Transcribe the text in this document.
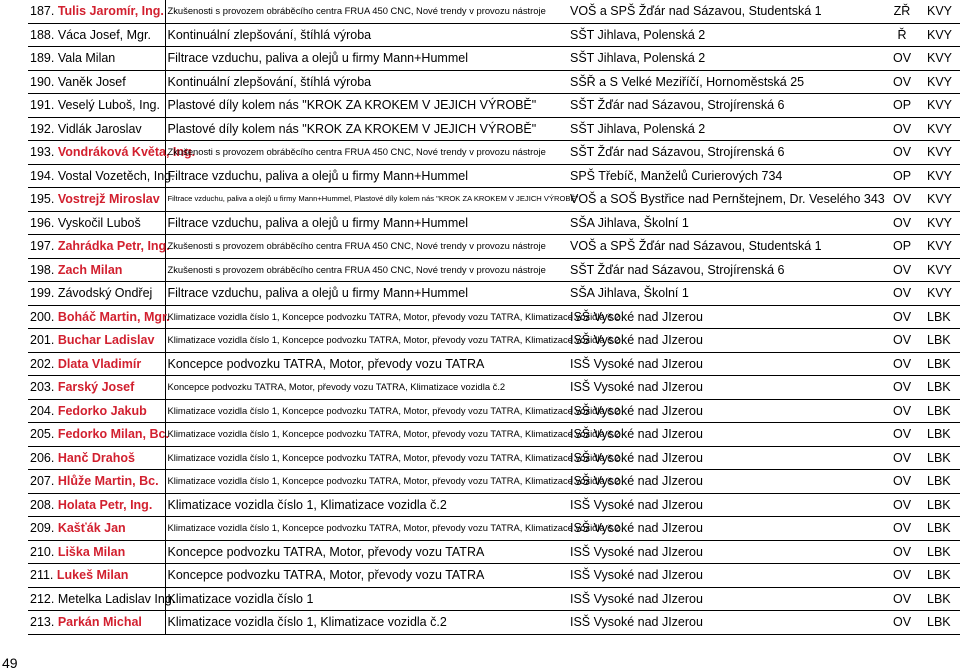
187. Tulis Jaromír, Ing.	Zkušenosti s provozem obráběcího centra FRUA 450 CNC, Nové trendy v provozu nástroje	VOŠ a SPŠ Žďár nad Sázavou, Studentská 1	ZŘ	KVY
188. Váca Josef, Mgr.	Kontinuální zlepšování, štíhlá výroba	SŠT Jihlava, Polenská 2	Ř	KVY
189. Vala Milan	Filtrace vzduchu, paliva a olejů u firmy Mann+Hummel	SŠT Jihlava, Polenská 2	OV	KVY
190. Vaněk Josef	Kontinuální zlepšování, štíhlá výroba	SŠŘ a S Velké Meziříčí, Hornoměstská 25	OV	KVY
191. Veselý Luboš, Ing.	Plastové díly kolem nás "KROK ZA KROKEM V JEJICH VÝROBĚ"	SŠT Žďár nad Sázavou, Strojírenská 6	OP	KVY
192. Vidlák Jaroslav	Plastové díly kolem nás "KROK ZA KROKEM V JEJICH VÝROBĚ"	SŠT Jihlava, Polenská 2	OV	KVY
193. Vondráková Květa, Ing.	Zkušenosti s provozem obráběcího centra FRUA 450 CNC, Nové trendy v provozu nástroje	SŠT Žďár nad Sázavou, Strojírenská 6	OV	KVY
194. Vostal Vozetěch, Ing.	Filtrace vzduchu, paliva a olejů u firmy Mann+Hummel	SPŠ Třebíč, Manželů Curierových 734	OP	KVY
195. Vostrejž Miroslav	Filtrace vzduchu, paliva a olejů u firmy Mann+Hummel, Plastové díly kolem nás "KROK ZA KROKEM V JEJICH VÝROBĚ"	VOŠ a SOŠ Bystřice nad Pernštejnem, Dr. Veselého 343	OV	KVY
196. Vyskočil Luboš	Filtrace vzduchu, paliva a olejů u firmy Mann+Hummel	SŠA Jihlava, Školní 1	OV	KVY
197. Zahrádka Petr, Ing.	Zkušenosti s provozem obráběcího centra FRUA 450 CNC, Nové trendy v provozu nástroje	VOŠ a SPŠ Žďár nad Sázavou, Studentská 1	OP	KVY
198. Zach Milan	Zkušenosti s provozem obráběcího centra FRUA 450 CNC, Nové trendy v provozu nástroje	SŠT Žďár nad Sázavou, Strojírenská 6	OV	KVY
199. Závodský Ondřej	Filtrace vzduchu, paliva a olejů u firmy Mann+Hummel	SŠA Jihlava, Školní 1	OV	KVY
200. Boháč Martin, Mgr.	Klimatizace vozidla číslo 1, Koncepce podvozku TATRA, Motor, převody vozu TATRA, Klimatizace vozidla č.2	ISŠ Vysoké nad JIzerou	OV	LBK
201. Buchar Ladislav	Klimatizace vozidla číslo 1, Koncepce podvozku TATRA, Motor, převody vozu TATRA, Klimatizace vozidla č.2	ISŠ Vysoké nad JIzerou	OV	LBK
202. Dlata Vladimír	Koncepce podvozku TATRA, Motor, převody vozu TATRA	ISŠ Vysoké nad JIzerou	OV	LBK
203. Farský Josef	Koncepce podvozku TATRA, Motor, převody vozu TATRA, Klimatizace vozidla č.2	ISŠ Vysoké nad JIzerou	OV	LBK
204. Fedorko Jakub	Klimatizace vozidla číslo 1, Koncepce podvozku TATRA, Motor, převody vozu TATRA, Klimatizace vozidla č.2	ISŠ Vysoké nad JIzerou	OV	LBK
205. Fedorko Milan, Bc.	Klimatizace vozidla číslo 1, Koncepce podvozku TATRA, Motor, převody vozu TATRA, Klimatizace vozidla č.2	ISŠ Vysoké nad JIzerou	OV	LBK
206. Hanč Drahoš	Klimatizace vozidla číslo 1, Koncepce podvozku TATRA, Motor, převody vozu TATRA, Klimatizace vozidla č.2	ISŠ Vysoké nad JIzerou	OV	LBK
207. Hlůže Martin, Bc.	Klimatizace vozidla číslo 1, Koncepce podvozku TATRA, Motor, převody vozu TATRA, Klimatizace vozidla č.2	ISŠ Vysoké nad JIzerou	OV	LBK
208. Holata Petr, Ing.	Klimatizace vozidla číslo 1, Klimatizace vozidla č.2	ISŠ Vysoké nad JIzerou	OV	LBK
209. Kašťák Jan	Klimatizace vozidla číslo 1, Koncepce podvozku TATRA, Motor, převody vozu TATRA, Klimatizace vozidla č.2	ISŠ Vysoké nad JIzerou	OV	LBK
210. Liška Milan	Koncepce podvozku TATRA, Motor, převody vozu TATRA	ISŠ Vysoké nad JIzerou	OV	LBK
211. Lukeš Milan	Koncepce podvozku TATRA, Motor, převody vozu TATRA	ISŠ Vysoké nad JIzerou	OV	LBK
212. Metelka Ladislav Ing.	Klimatizace vozidla číslo 1	ISŠ Vysoké nad JIzerou	OV	LBK
213. Parkán Michal	Klimatizace vozidla číslo 1, Klimatizace vozidla č.2	ISŠ Vysoké nad JIzerou	OV	LBK
49
